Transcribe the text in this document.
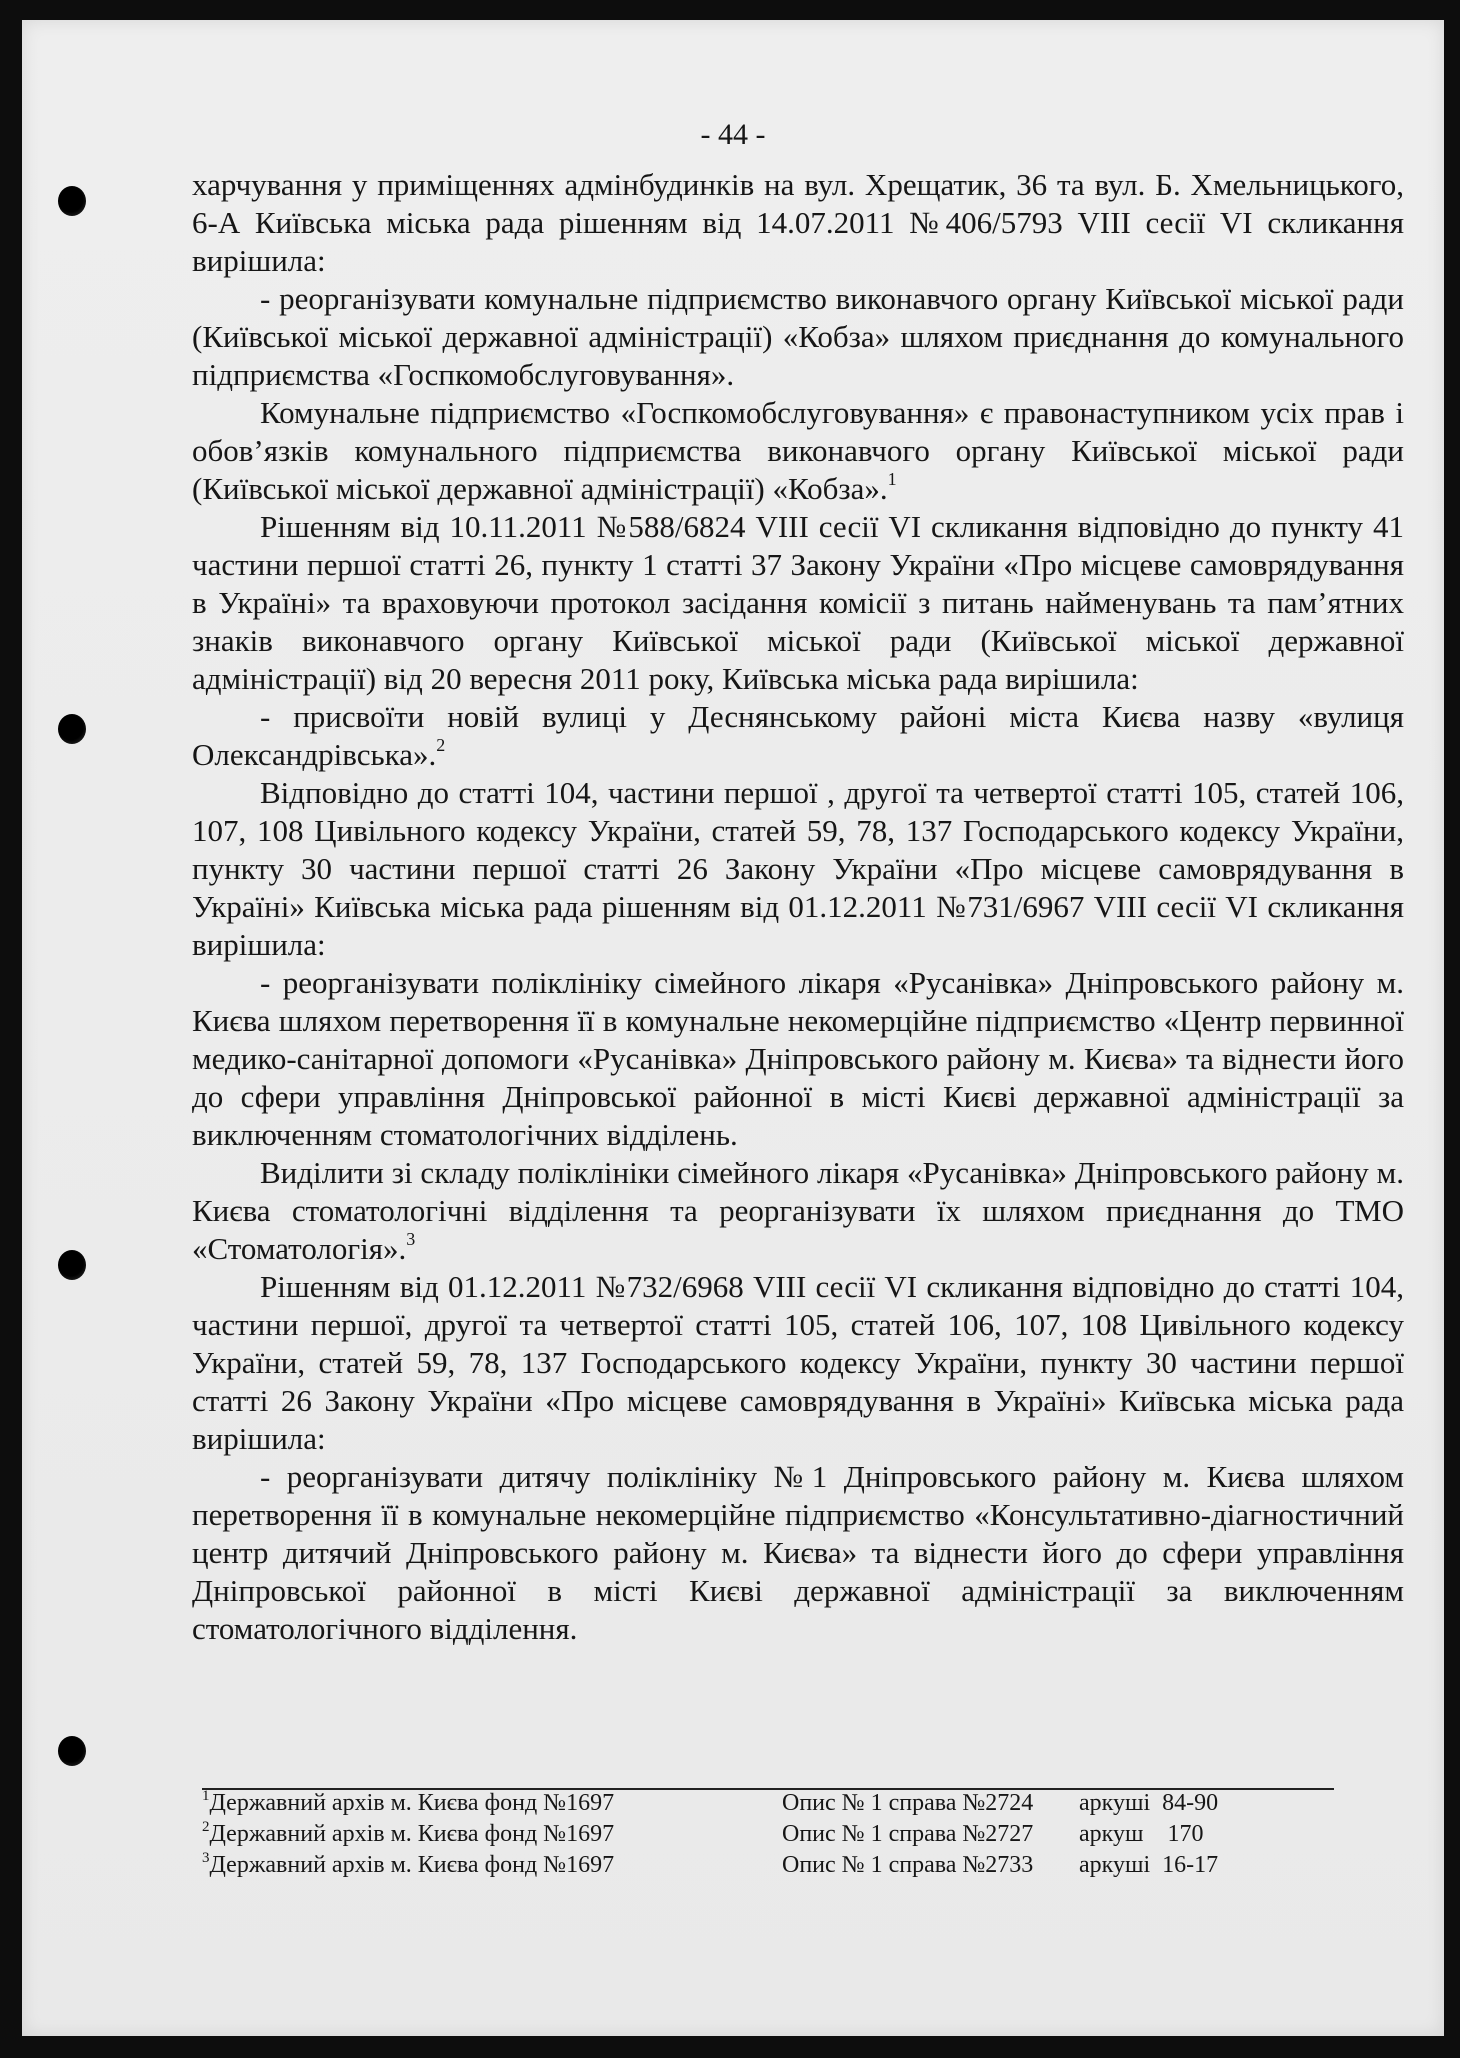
- 44 -

харчування у приміщеннях адмінбудинків на вул. Хрещатик, 36 та вул. Б. Хмельницького, 6-А Київська міська рада рішенням від 14.07.2011 №406/5793 VIII сесії VI скликання вирішила:

- реорганізувати комунальне підприємство виконавчого органу Київської міської ради (Київської міської державної адміністрації) «Кобза» шляхом приєднання до комунального підприємства «Госпкомобслуговування».

Комунальне підприємство «Госпкомобслуговування» є правонаступником усіх прав і обов’язків комунального підприємства виконавчого органу Київської міської ради (Київської міської державної адміністрації) «Кобза».$^1$

Рішенням від 10.11.2011 №588/6824 VIII сесії VI скликання відповідно до пункту 41 частини першої статті 26, пункту 1 статті 37 Закону України «Про місцеве самоврядування в Україні» та враховуючи протокол засідання комісії з питань найменувань та пам’ятних знаків виконавчого органу Київської міської ради (Київської міської державної адміністрації) від 20 вересня 2011 року, Київська міська рада вирішила:

- присвоїти новій вулиці у Деснянському районі міста Києва назву «вулиця Олександрівська».$^2$

Відповідно до статті 104, частини першої , другої та четвертої статті 105, статей 106, 107, 108 Цивільного кодексу України, статей 59, 78, 137 Господарського кодексу України, пункту 30 частини першої статті 26 Закону України «Про місцеве самоврядування в Україні» Київська міська рада рішенням від 01.12.2011 №731/6967 VIII сесії VI скликання вирішила:

- реорганізувати поліклініку сімейного лікаря «Русанівка» Дніпровського району м. Києва шляхом перетворення її в комунальне некомерційне підприємство «Центр первинної медико-санітарної допомоги «Русанівка» Дніпровського району м. Києва» та віднести його до сфери управління Дніпровської районної в місті Києві державної адміністрації за виключенням стоматологічних відділень.

Виділити зі складу поліклініки сімейного лікаря «Русанівка» Дніпровського району м. Києва стоматологічні відділення та реорганізувати їх шляхом приєднання до ТМО «Стоматологія».$^3$

Рішенням від 01.12.2011 №732/6968 VIII сесії VI скликання відповідно до статті 104, частини першої, другої та четвертої статті 105, статей 106, 107, 108 Цивільного кодексу України, статей 59, 78, 137 Господарського кодексу України, пункту 30 частини першої статті 26 Закону України «Про місцеве самоврядування в Україні» Київська міська рада вирішила:

- реорганізувати дитячу поліклініку №1 Дніпровського району м. Києва шляхом перетворення її в комунальне некомерційне підприємство «Консультативно-діагностичний центр дитячий Дніпровського району м. Києва» та віднести його до сфери управління Дніпровської районної в місті Києві державної адміністрації за виключенням стоматологічного відділення.

$^1$Державний архів м. Києва фонд №1697	Опис № 1 справа №2724 аркуші 84-90
$^2$Державний архів м. Києва фонд №1697	Опис № 1 справа №2727 аркуш 170
$^3$Державний архів м. Києва фонд №1697	Опис № 1 справа №2733 аркуші 16-17
